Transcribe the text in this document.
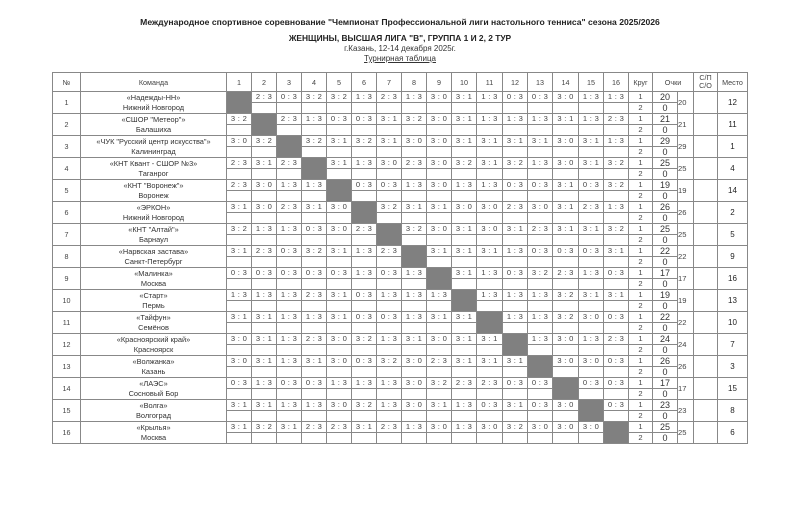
Международное спортивное соревнование "Чемпионат Профессиональной лиги настольного тенниса" сезона 2025/2026
ЖЕНЩИНЫ, ВЫСШАЯ ЛИГА "В", ГРУППА 1 И 2, 2 ТУР
г.Казань, 12-14 декабря 2025г.
Турнирная таблица
№	Команда	1	2	3	4	5	6	7	8	9	10	11	12	13	14	15	16	Круг	Очки		С/П
С/О	Место
1	«Надежды-НН»
Нижний Новгород		2 : 3	0 : 3	3 : 2	3 : 2	1 : 3	2 : 3	1 : 3	3 : 0	3 : 1	1 : 3	0 : 3	0 : 3	3 : 0	1 : 3	1 : 3	1	20	20		12
																		2	0			
2	«СШОР "Метеор"»
Балашиха	3 : 2		2 : 3	1 : 3	0 : 3	0 : 3	3 : 1	3 : 2	3 : 0	3 : 1	1 : 3	1 : 3	1 : 3	3 : 1	1 : 3	2 : 3	1	21	21		11
																		2	0			
3	«ЧУК "Русский центр искусства"»
Калининград	3 : 0	3 : 2		3 : 2	3 : 1	3 : 2	3 : 1	3 : 0	3 : 0	3 : 1	3 : 1	3 : 1	3 : 1	3 : 0	3 : 1	1 : 3	1	29	29		1
																		2	0			
4	«КНТ Квант - СШОР №3»
Таганрог	2 : 3	3 : 1	2 : 3		3 : 1	1 : 3	3 : 0	2 : 3	3 : 0	3 : 2	3 : 1	3 : 2	1 : 3	3 : 0	3 : 1	3 : 2	1	25	25		4
																		2	0			
5	«КНТ "Воронеж"»
Воронеж	2 : 3	3 : 0	1 : 3	1 : 3		0 : 3	0 : 3	1 : 3	3 : 0	1 : 3	1 : 3	0 : 3	0 : 3	3 : 1	0 : 3	3 : 2	1	19	19		14
																		2	0			
6	«ЭРКОН»
Нижний Новгород	3 : 1	3 : 0	2 : 3	3 : 1	3 : 0		3 : 2	3 : 1	3 : 1	3 : 0	3 : 0	2 : 3	3 : 0	3 : 1	2 : 3	1 : 3	1	26	26		2
																		2	0			
7	«КНТ "Алтай"»
Барнаул	3 : 2	1 : 3	1 : 3	0 : 3	3 : 0	2 : 3		3 : 2	3 : 0	3 : 1	3 : 0	3 : 1	2 : 3	3 : 1	3 : 1	3 : 2	1	25	25		5
																		2	0			
8	«Нарвская застава»
Санкт-Петербург	3 : 1	2 : 3	0 : 3	3 : 2	3 : 1	1 : 3	2 : 3		3 : 1	3 : 1	3 : 1	1 : 3	0 : 3	0 : 3	0 : 3	3 : 1	1	22	22		9
																		2	0			
9	«Малинка»
Москва	0 : 3	0 : 3	0 : 3	0 : 3	0 : 3	1 : 3	0 : 3	1 : 3		3 : 1	1 : 3	0 : 3	3 : 2	2 : 3	1 : 3	0 : 3	1	17	17		16
																		2	0			
10	«Старт»
Пермь	1 : 3	1 : 3	1 : 3	2 : 3	3 : 1	0 : 3	1 : 3	1 : 3	1 : 3		1 : 3	1 : 3	1 : 3	3 : 2	3 : 1	3 : 1	1	19	19		13
																		2	0			
11	«Тайфун»
Семёнов	3 : 1	3 : 1	1 : 3	1 : 3	3 : 1	0 : 3	0 : 3	1 : 3	3 : 1	3 : 1		1 : 3	1 : 3	3 : 2	3 : 0	0 : 3	1	22	22		10
																		2	0			
12	«Красноярский край»
Красноярск	3 : 0	3 : 1	1 : 3	2 : 3	3 : 0	3 : 2	1 : 3	3 : 1	3 : 0	3 : 1	3 : 1		1 : 3	3 : 0	1 : 3	2 : 3	1	24	24		7
																		2	0			
13	«Волжанка»
Казань	3 : 0	3 : 1	1 : 3	3 : 1	3 : 0	0 : 3	3 : 2	3 : 0	2 : 3	3 : 1	3 : 1	3 : 1		3 : 0	3 : 0	0 : 3	1	26	26		3
																		2	0			
14	«ЛАЭС»
Сосновый Бор	0 : 3	1 : 3	0 : 3	0 : 3	1 : 3	1 : 3	1 : 3	3 : 0	3 : 2	2 : 3	2 : 3	0 : 3	0 : 3		0 : 3	0 : 3	1	17	17		15
																		2	0			
15	«Волга»
Волгоград	3 : 1	3 : 1	1 : 3	1 : 3	3 : 0	3 : 2	1 : 3	3 : 0	3 : 1	1 : 3	0 : 3	3 : 1	0 : 3	3 : 0		0 : 3	1	23	23		8
																		2	0			
16	«Крылья»
Москва	3 : 1	3 : 2	3 : 1	2 : 3	2 : 3	3 : 1	2 : 3	1 : 3	3 : 0	1 : 3	3 : 0	3 : 2	3 : 0	3 : 0	3 : 0		1	25	25		6
																		2	0			
